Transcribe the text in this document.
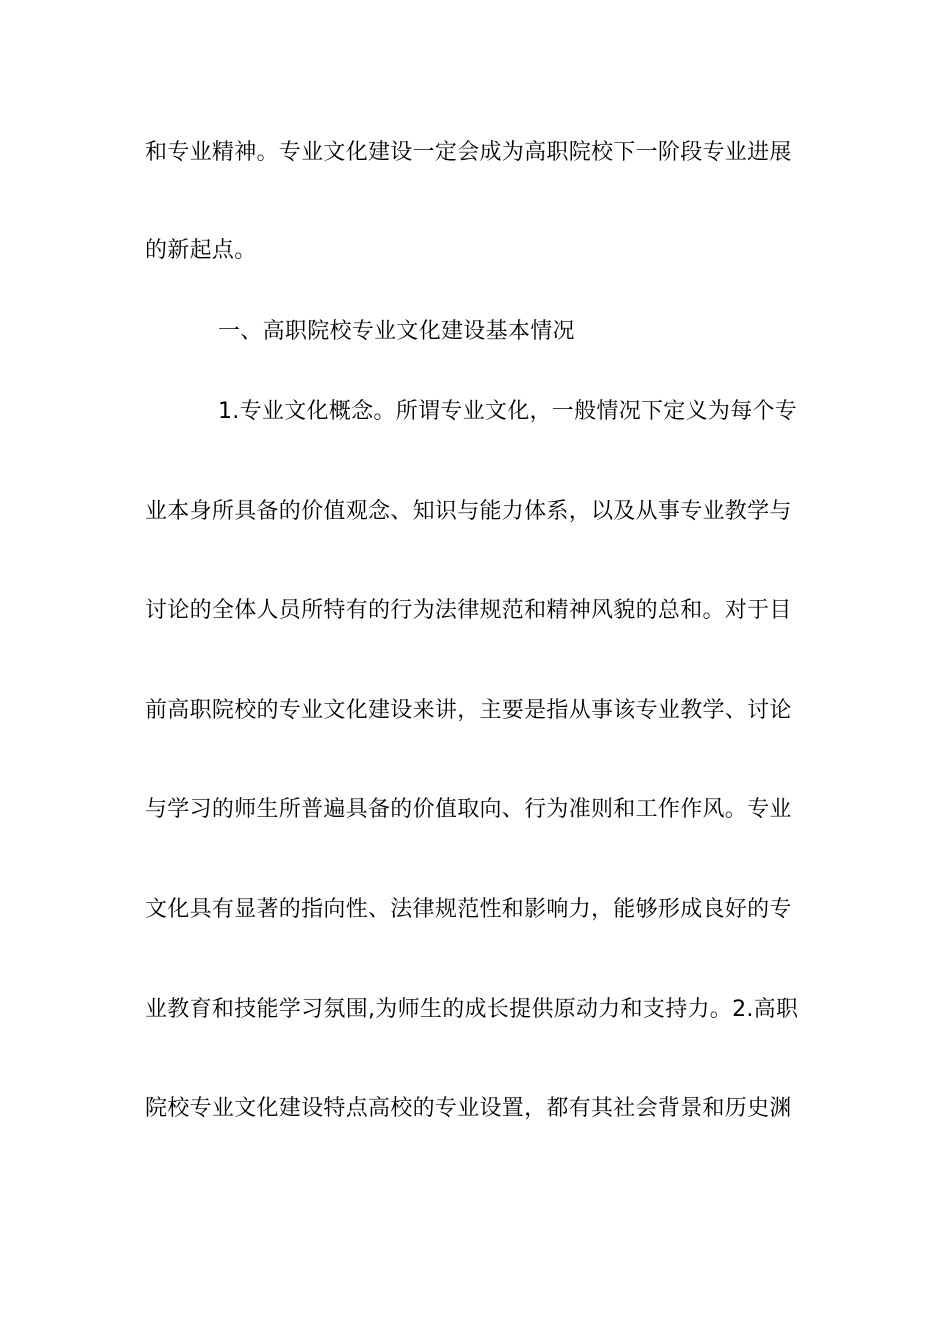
和专业精神。专业文化建设一定会成为高职院校下一阶段专业进展
的新起点。
一、高职院校专业文化建设基本情况
1.专业文化概念。所谓专业文化，一般情况下定义为每个专
业本身所具备的价值观念、知识与能力体系，以及从事专业教学与
讨论的全体人员所特有的行为法律规范和精神风貌的总和。对于目
前高职院校的专业文化建设来讲，主要是指从事该专业教学、讨论
与学习的师生所普遍具备的价值取向、行为准则和工作作风。专业
文化具有显著的指向性、法律规范性和影响力，能够形成良好的专
业教育和技能学习氛围,为师生的成长提供原动力和支持力。2.高职
院校专业文化建设特点高校的专业设置，都有其社会背景和历史渊
